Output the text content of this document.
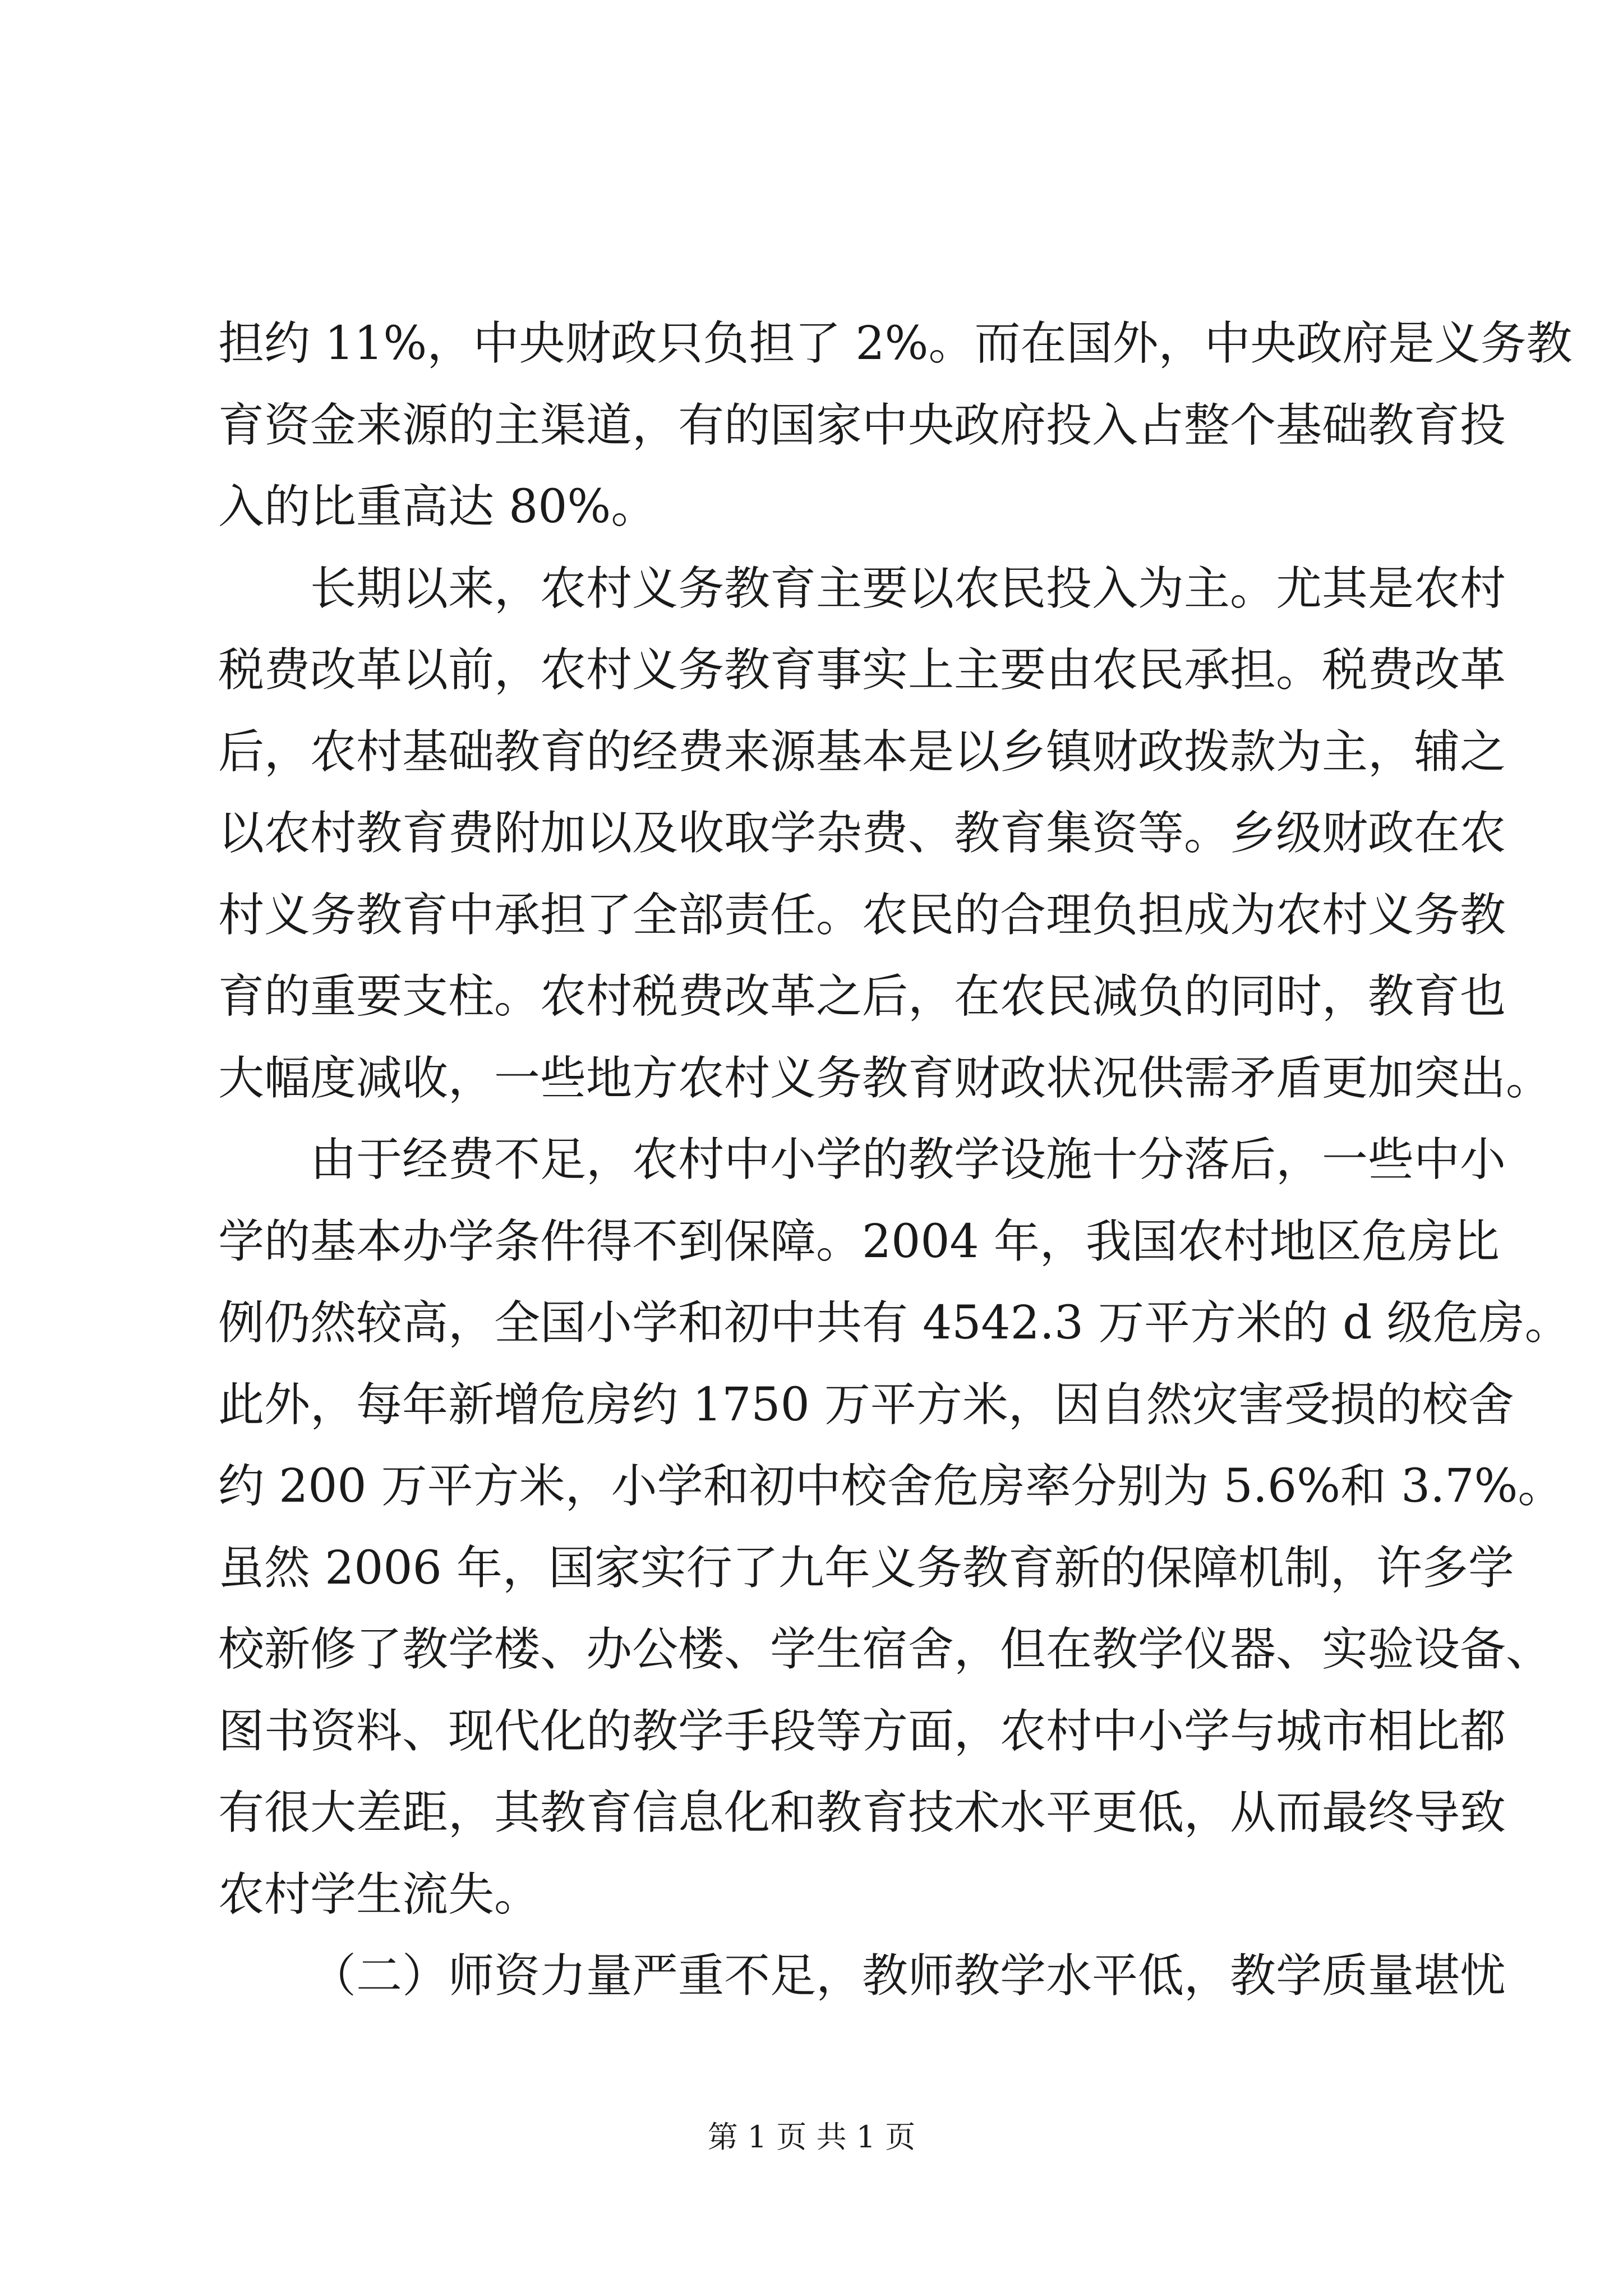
担约 11%，中央财政只负担了 2%。而在国外，中央政府是义务教
育资金来源的主渠道，有的国家中央政府投入占整个基础教育投
入的比重高达 80%。
长期以来，农村义务教育主要以农民投入为主。尤其是农村
税费改革以前，农村义务教育事实上主要由农民承担。税费改革
后，农村基础教育的经费来源基本是以乡镇财政拨款为主，辅之
以农村教育费附加以及收取学杂费、教育集资等。乡级财政在农
村义务教育中承担了全部责任。农民的合理负担成为农村义务教
育的重要支柱。农村税费改革之后，在农民减负的同时，教育也
大幅度减收，一些地方农村义务教育财政状况供需矛盾更加突出。
由于经费不足，农村中小学的教学设施十分落后，一些中小
学的基本办学条件得不到保障。2004 年，我国农村地区危房比
例仍然较高，全国小学和初中共有 4542.3 万平方米的 d 级危房。
此外，每年新增危房约 1750 万平方米，因自然灾害受损的校舍
约 200 万平方米，小学和初中校舍危房率分别为 5.6%和 3.7%。
虽然 2006 年，国家实行了九年义务教育新的保障机制，许多学
校新修了教学楼、办公楼、学生宿舍，但在教学仪器、实验设备、
图书资料、现代化的教学手段等方面，农村中小学与城市相比都
有很大差距，其教育信息化和教育技术水平更低，从而最终导致
农村学生流失。
（二）师资力量严重不足，教师教学水平低，教学质量堪忧
第 1 页 共 1 页
